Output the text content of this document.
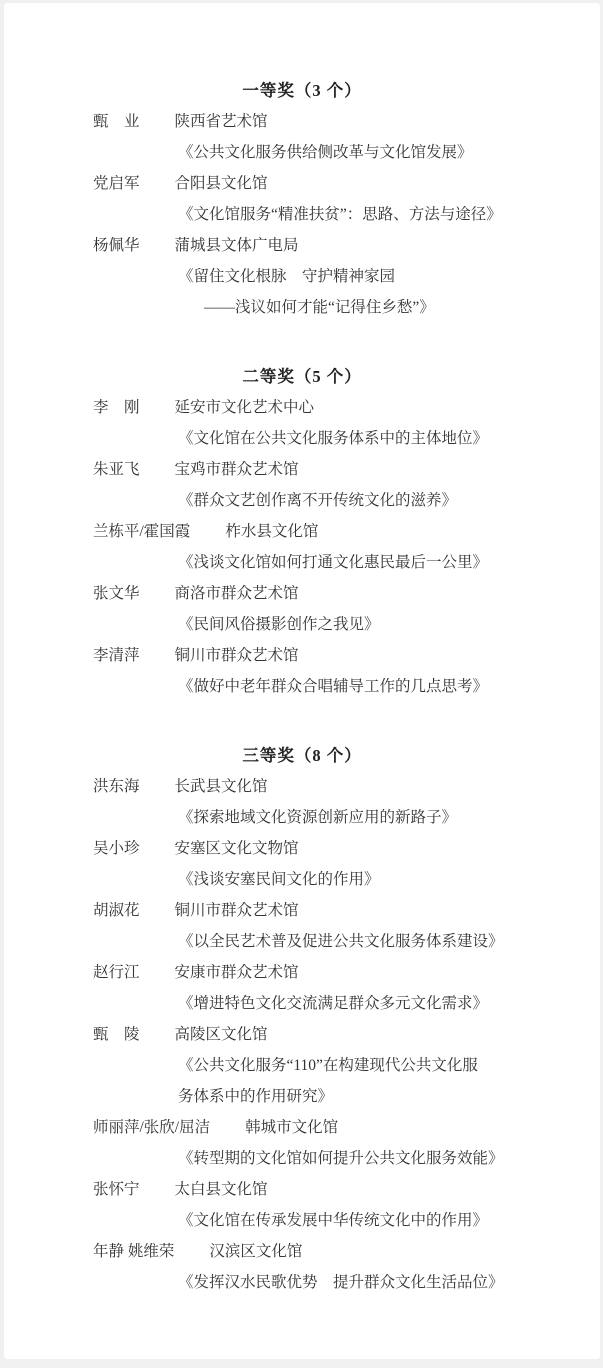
一等奖（3 个）
甄　业 陕西省艺术馆
《公共文化服务供给侧改革与文化馆发展》
党启军 合阳县文化馆
《文化馆服务“精准扶贫”：思路、方法与途径》
杨佩华 蒲城县文体广电局
《留住文化根脉　守护精神家园
——浅议如何才能“记得住乡愁”》
二等奖（5 个）
李　刚 延安市文化艺术中心
《文化馆在公共文化服务体系中的主体地位》
朱亚飞 宝鸡市群众艺术馆
《群众文艺创作离不开传统文化的滋养》
兰栋平/霍国霞 柞水县文化馆
《浅谈文化馆如何打通文化惠民最后一公里》
张文华 商洛市群众艺术馆
《民间风俗摄影创作之我见》
李清萍 铜川市群众艺术馆
《做好中老年群众合唱辅导工作的几点思考》
三等奖（8 个）
洪东海 长武县文化馆
《探索地域文化资源创新应用的新路子》
吴小珍 安塞区文化文物馆
《浅谈安塞民间文化的作用》
胡淑花 铜川市群众艺术馆
《以全民艺术普及促进公共文化服务体系建设》
赵行江 安康市群众艺术馆
《增进特色文化交流满足群众多元文化需求》
甄　陵 高陵区文化馆
《公共文化服务“110”在构建现代公共文化服
务体系中的作用研究》
师丽萍/张欣/屈洁 韩城市文化馆
《转型期的文化馆如何提升公共文化服务效能》
张怀宁 太白县文化馆
《文化馆在传承发展中华传统文化中的作用》
年静 姚维荣 汉滨区文化馆
《发挥汉水民歌优势　提升群众文化生活品位》
